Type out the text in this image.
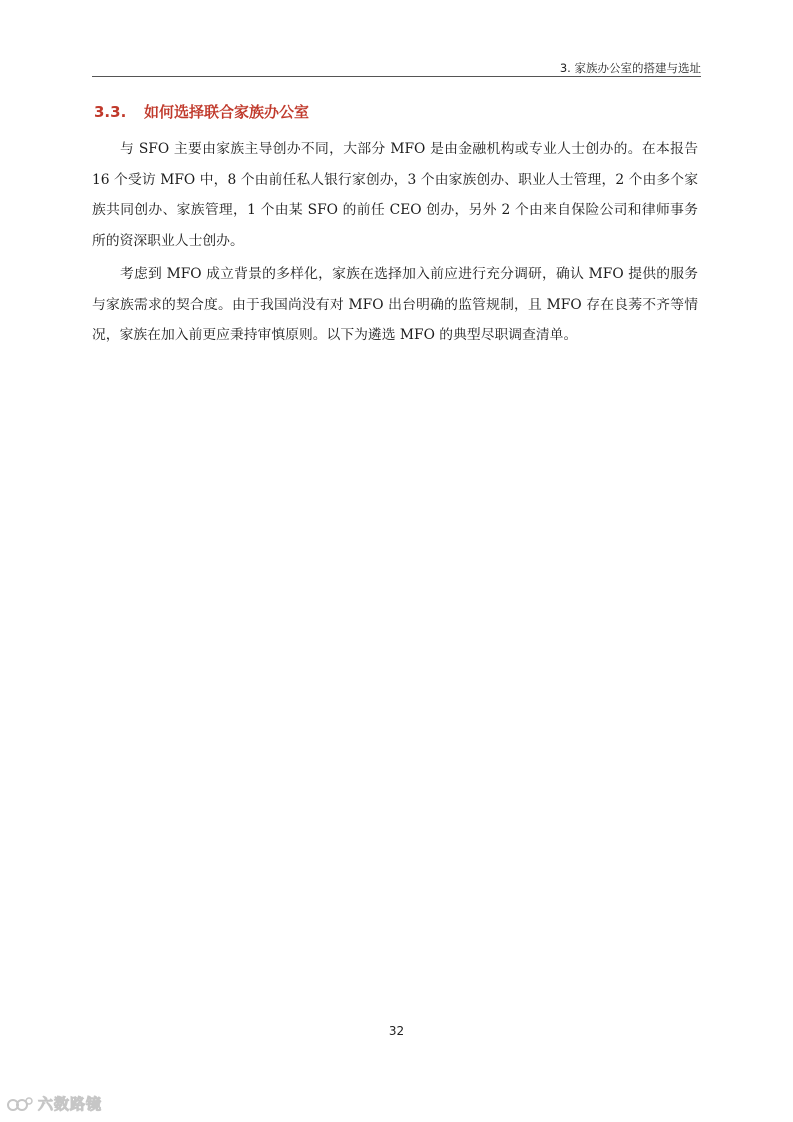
3. 家族办公室的搭建与选址
3.3.	如何选择联合家族办公室

与 SFO 主要由家族主导创办不同，大部分 MFO 是由金融机构或专业人士创办的。在本报告 16 个受访 MFO 中，8 个由前任私人银行家创办，3 个由家族创办、职业人士管理，2 个由多个家族共同创办、家族管理，1 个由某 SFO 的前任 CEO 创办，另外 2 个由来自保险公司和律师事务所的资深职业人士创办。

考虑到 MFO 成立背景的多样化，家族在选择加入前应进行充分调研，确认 MFO 提供的服务与家族需求的契合度。由于我国尚没有对 MFO 出台明确的监管规制，且 MFO 存在良莠不齐等情况，家族在加入前更应秉持审慎原则。以下为遴选 MFO 的典型尽职调查清单。

32
六数路镜
